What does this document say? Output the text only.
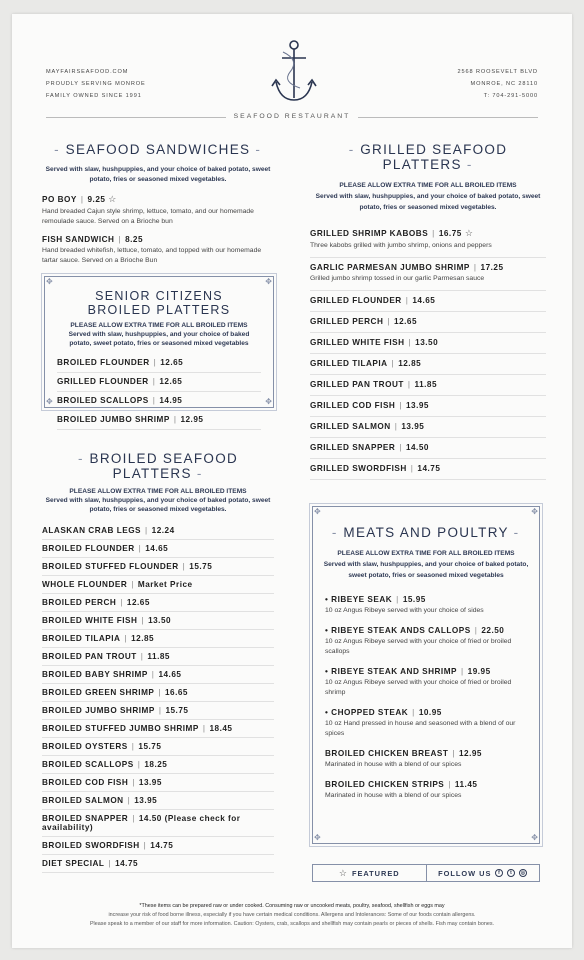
MAYFAIRSEAFOOD.COM
PROUDLY SERVING MONROE
FAMILY OWNED SINCE 1991
2568 ROOSEVELT BLVD
MONROE, NC 28110
T: 704-291-5000
SEAFOOD RESTAURANT
- SEAFOOD SANDWICHES -
Served with slaw, hushpuppies, and your choice of baked potato, sweet potato, fries or seasoned mixed vegetables.
PO BOY | 9.25 ☆
Hand breaded Cajun style shrimp, lettuce, tomato, and our homemade remoulade sauce. Served on a Brioche bun
FISH SANDWICH | 8.25
Hand breaded whitefish, lettuce, tomato, and topped with our homemade tartar sauce. Served on a Brioche Bun
✥	✥
✥	✥
SENIOR CITIZENS
BROILED PLATTERS
PLEASE ALLOW EXTRA TIME FOR ALL BROILED ITEMS
Served with slaw, hushpuppies, and your choice of baked potato, sweet potato, fries or seasoned mixed vegetables
BROILED FLOUNDER | 12.65
GRILLED FLOUNDER | 12.65
BROILED SCALLOPS | 14.95
BROILED JUMBO SHRIMP | 12.95
- BROILED SEAFOOD PLATTERS -
PLEASE ALLOW EXTRA TIME FOR ALL BROILED ITEMS
Served with slaw, hushpuppies, and your choice of baked potato, sweet potato, fries or seasoned mixed vegetables.
ALASKAN CRAB LEGS | 12.24
BROILED FLOUNDER | 14.65
BROILED STUFFED FLOUNDER | 15.75
WHOLE FLOUNDER | Market Price
BROILED PERCH | 12.65
BROILED WHITE FISH | 13.50
BROILED TILAPIA | 12.85
BROILED PAN TROUT | 11.85
BROILED BABY SHRIMP | 14.65
BROILED GREEN SHRIMP | 16.65
BROILED JUMBO SHRIMP | 15.75
BROILED STUFFED JUMBO SHRIMP | 18.45
BROILED OYSTERS | 15.75
BROILED SCALLOPS | 18.25
BROILED COD FISH | 13.95
BROILED SALMON | 13.95
BROILED SNAPPER | 14.50 (Please check for availability)
BROILED SWORDFISH | 14.75
DIET SPECIAL | 14.75
- GRILLED SEAFOOD PLATTERS -
PLEASE ALLOW EXTRA TIME FOR ALL BROILED ITEMS
Served with slaw, hushpuppies, and your choice of baked potato, sweet potato, fries or seasoned mixed vegetables.
GRILLED SHRIMP KABOBS | 16.75 ☆
Three kabobs grilled with jumbo shrimp, onions and peppers
GARLIC PARMESAN JUMBO SHRIMP | 17.25
Grilled jumbo shrimp tossed in our garlic Parmesan sauce
GRILLED FLOUNDER | 14.65
GRILLED PERCH | 12.65
GRILLED WHITE FISH | 13.50
GRILLED TILAPIA | 12.85
GRILLED PAN TROUT | 11.85
GRILLED COD FISH | 13.95
GRILLED SALMON | 13.95
GRILLED SNAPPER | 14.50
GRILLED SWORDFISH | 14.75
✥	✥
✥	✥
- MEATS AND POULTRY -
PLEASE ALLOW EXTRA TIME FOR ALL BROILED ITEMS
Served with slaw, hushpuppies, and your choice of baked potato, sweet potato, fries or seasoned mixed vegetables
• RIBEYE SEAK | 15.95
10 oz Angus Ribeye served with your choice of sides
• RIBEYE STEAK ANDS CALLOPS | 22.50
10 oz Angus Ribeye served with your choice of fried or broiled scallops
• RIBEYE STEAK AND SHRIMP | 19.95
10 oz Angus Ribeye served with your choice of fried or broiled shrimp
• CHOPPED STEAK | 10.95
10 oz Hand pressed in house and seasoned with a blend of our spices
BROILED CHICKEN BREAST | 12.95
Marinated in house with a blend of our spices
BROILED CHICKEN STRIPS | 11.45
Marinated in house with a blend of our spices
☆ FEATURED	FOLLOW US	f	t	◎
*These items can be prepared raw or under cooked. Consuming raw or uncooked meats, poultry, seafood, shellfish or eggs may
increase your risk of food borne illness, especially if you have certain medical conditions. Allergens and Intolerances: Some of our foods contain allergens.
Please speak to a member of our staff for more information. Caution: Oysters, crab, scallops and shellfish may contain pearls or pieces of shells. Fish may contain bones.
